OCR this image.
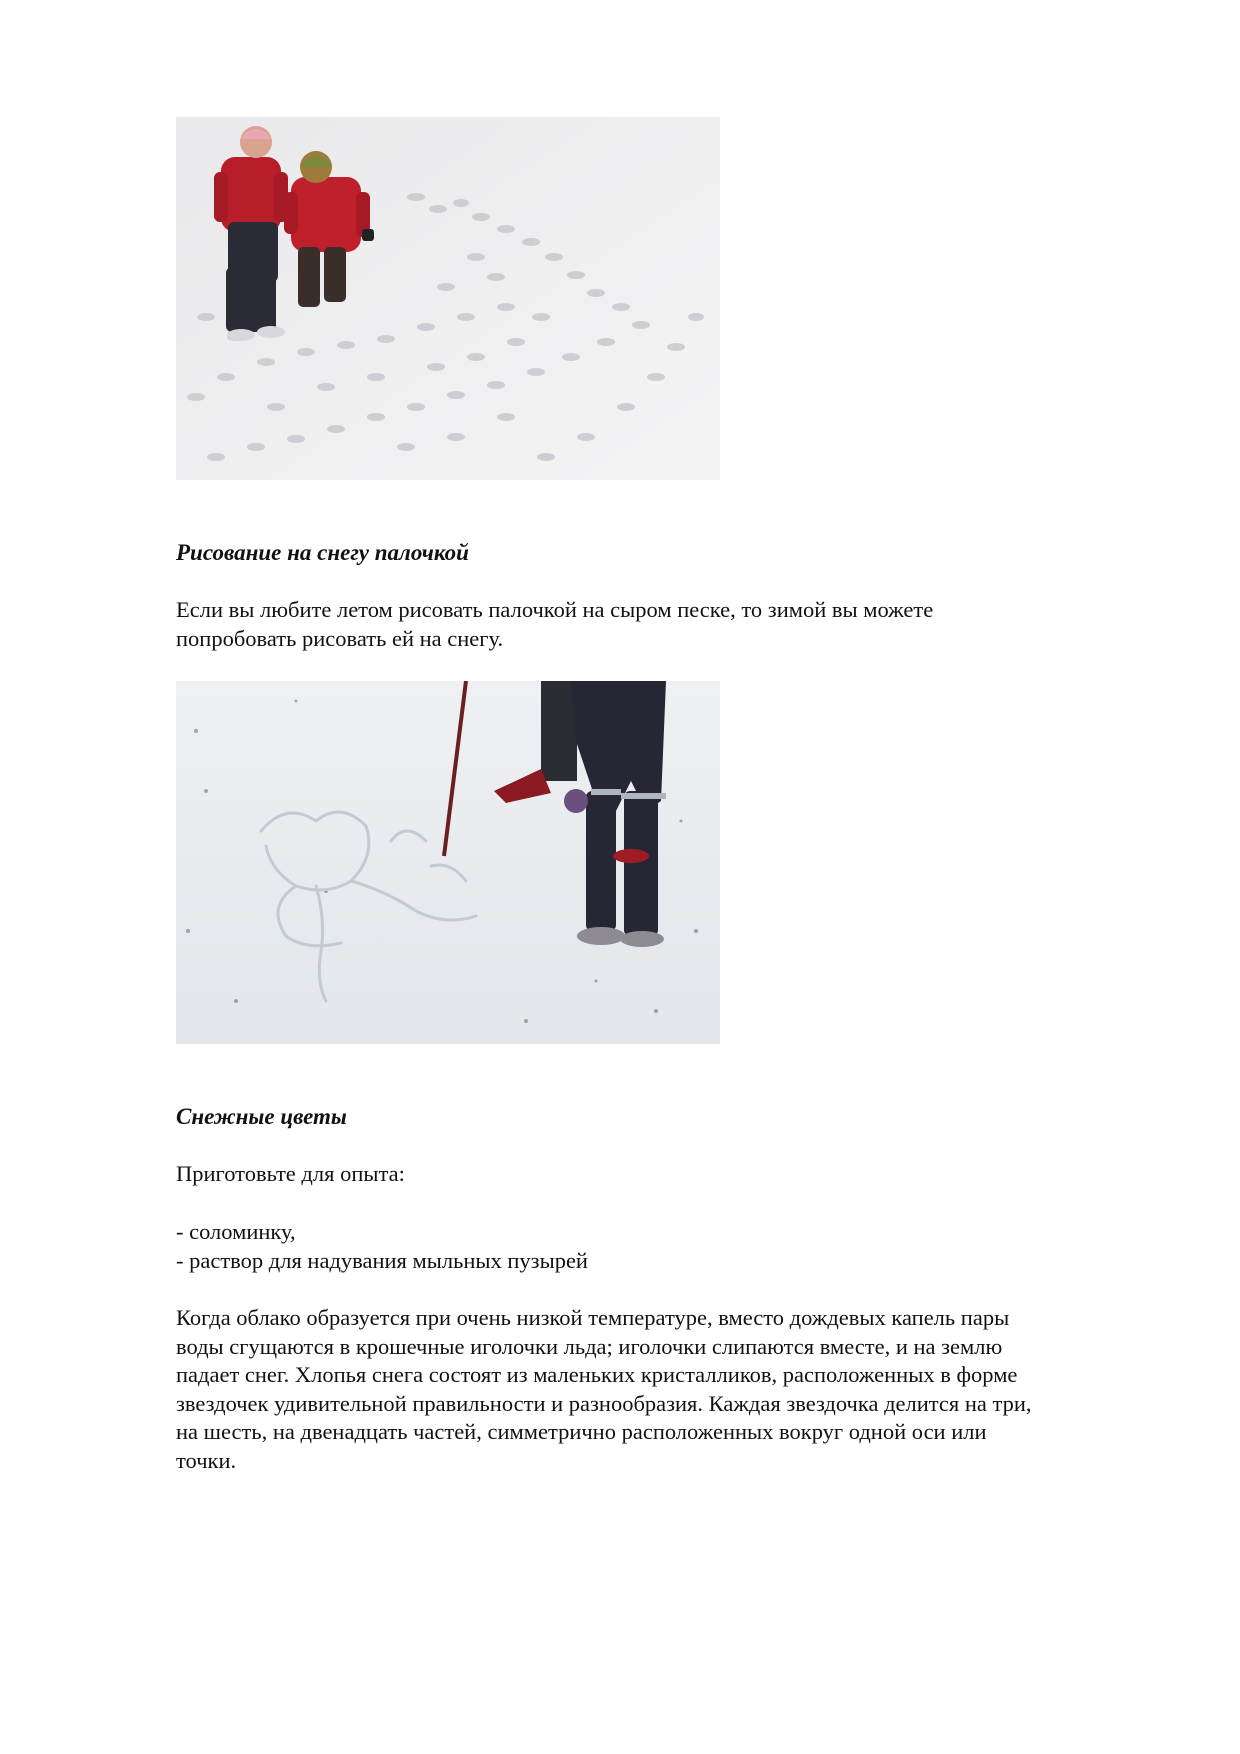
Рисование на снегу палочкой

Если вы любите летом рисовать палочкой на сыром песке, то зимой вы можете
попробовать рисовать ей на снегу.

Снежные цветы

Приготовьте для опыта:

- соломинку,
- раствор для надувания мыльных пузырей

Когда облако образуется при очень низкой температуре, вместо дождевых капель пары
воды сгущаются в крошечные иголочки льда; иголочки слипаются вместе, и на землю
падает снег. Хлопья снега состоят из маленьких кристалликов, расположенных в форме
звездочек удивительной правильности и разнообразия. Каждая звездочка делится на три,
на шесть, на двенадцать частей, симметрично расположенных вокруг одной оси или
точки.
